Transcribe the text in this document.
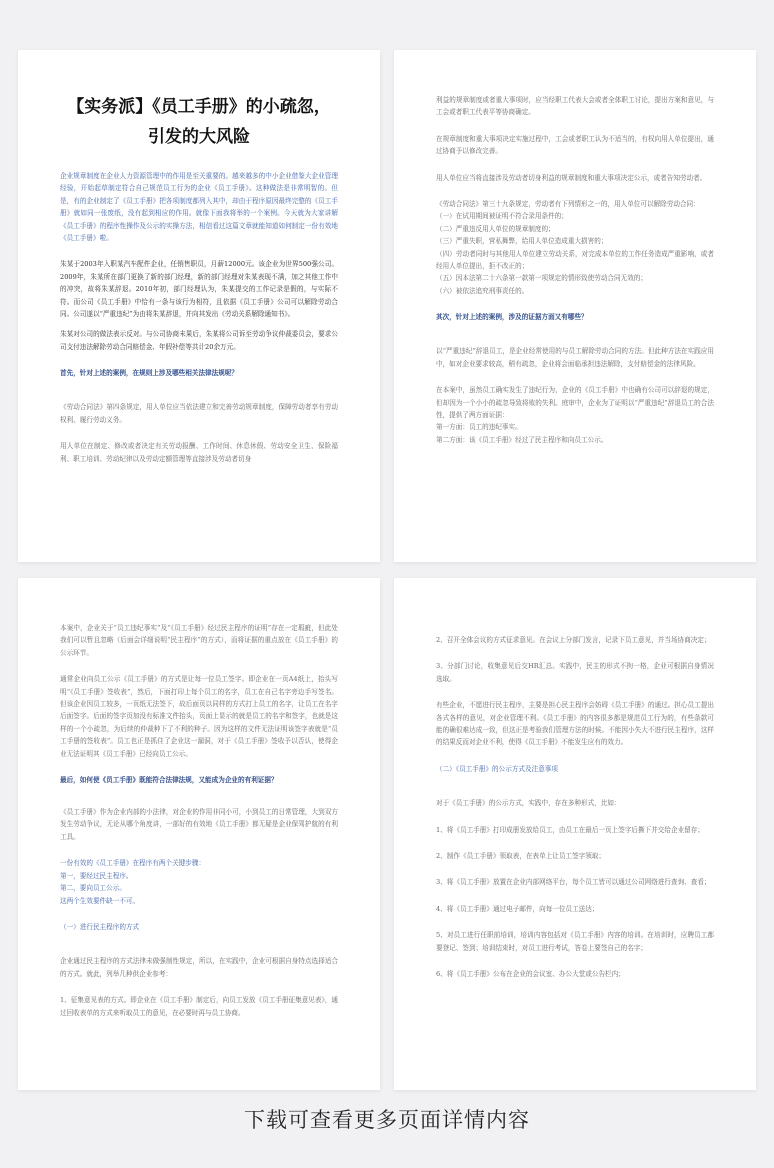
【实务派】《员工手册》的小疏忽，
引发的大风险

企业规章制度在企业人力资源管理中的作用是至关重要的。越来越多的中小企业借鉴大企业管理经验，开始起草制定符合自己规范员工行为的企业《员工手册》。这种做法是非常明智的。但是，有的企业制定了《员工手册》把各项制度都列入其中，却由于程序原因最终完整的《员工手册》就如同一张废纸，没有起到相应的作用。就像下面我将举的一个案例。今天就为大家讲解《员工手册》的程序性操作及公示的实操方法，相信看过这篇文章就能知道如何制定一份有效地《员工手册》啦。

朱某于2003年入职某汽车配件企业，任销售职员，月薪12000元。该企业为世界500强公司。2009年，朱某所在部门更换了新的部门经理，新的部门经理对朱某表现不满，加之其他工作中的冲突，故将朱某辞退。2010年初，部门经理认为，朱某提交的工作记录是假的，与实际不符。而公司《员工手册》中恰有一条与该行为相符，且依据《员工手册》公司可以解除劳动合同。公司遂以“严重违纪”为由将朱某辞退，并向其发出《劳动关系解除通知书》。

朱某对公司的做法表示反对。与公司协商未果后，朱某将公司诉至劳动争议仲裁委员会，要求公司支付违法解除劳动合同赔偿金、年假补偿等共计20余万元。

首先，针对上述的案例，在规则上涉及哪些相关法律法规呢？

《劳动合同法》第四条规定，用人单位应当依法建立和完善劳动规章制度，保障劳动者享有劳动权利、履行劳动义务。

用人单位在制定、修改或者决定有关劳动报酬、工作时间、休息休假、劳动安全卫生、保险福利、职工培训、劳动纪律以及劳动定额管理等直接涉及劳动者切身

利益的规章制度或者重大事项时，应当经职工代表大会或者全体职工讨论，提出方案和意见，与工会或者职工代表平等协商确定。

在规章制度和重大事项决定实施过程中，工会或者职工认为不适当的，有权向用人单位提出，通过协商予以修改完善。

用人单位应当将直接涉及劳动者切身利益的规章制度和重大事项决定公示，或者告知劳动者。

《劳动合同法》第三十九条规定，劳动者有下列情形之一的，用人单位可以解除劳动合同：
（一）在试用期间被证明不符合录用条件的；
（二）严重违反用人单位的规章制度的；
（三）严重失职，营私舞弊，给用人单位造成重大损害的；
（四）劳动者同时与其他用人单位建立劳动关系，对完成本单位的工作任务造成严重影响，或者经用人单位提出，拒不改正的；
（五）因本法第二十六条第一款第一项规定的情形致使劳动合同无效的；
（六）被依法追究刑事责任的。

其次，针对上述的案例，涉及的证据方面又有哪些？

以“严重违纪”辞退员工，是企业经常使用的与员工解除劳动合同的方法。但此种方法在实践应用中，如对企业要求较高，稍有疏忽，企业将会面临承担违法解除，支付赔偿金的法律风险。

在本案中，虽然员工确实发生了违纪行为，企业的《员工手册》中也确有公司可以辞退的规定，但却因为一个小小的疏忽导致将败的失利。庭审中，企业为了证明以“严重违纪”辞退员工的合法性，提供了两方面证据：
第一方面：员工的违纪事实。
第二方面：该《员工手册》经过了民主程序和向员工公示。

本案中，企业关于“员工违纪事实”及“《员工手册》经过民主程序的证明”存在一定瑕疵，但此处我们可以暂且忽略（后面会详细说明“民主程序”的方式），而将证据的重点放在《员工手册》的公示环节。

通常企业向员工公示《员工手册》的方式是让每一位员工签字。即企业在一页A4纸上，抬头写明“《员工手册》签收表”，然后，下面打印上每个员工的名字，员工在自己名字旁边手写签名。但该企业因员工较多，一页纸无法签下，故后面页以同样的方式打上员工的名字，让员工在名字后面签字。后面的签字页加没有标准文件抬头，页面上显示的就是员工的名字和签字，也就是这样的一个小疏忽，为后续的仲裁种下了不利的种子。因为这样的文件无法证明该签字表就是“员工手册的签收表”。员工也正是抓住了企业这一漏洞，对于《员工手册》签收予以否认，使得企业无法证明其《员工手册》已经向员工公示。

最后，如何使《员工手册》既能符合法律法规，又能成为企业的有利证据？

《员工手册》作为企业内部的小法律，对企业的作用非同小可，小到员工的日常管理，大到双方发生劳动争议，无论从哪个角度讲，一部好的有效地《员工手册》都无疑是企业保驾护航的有利工具。

一份有效的《员工手册》在程序有两个关键步骤：
第一，要经过民主程序。
第二，要向员工公示。
这两个生效要件缺一不可。

（一）进行民主程序的方式

企业通过民主程序的方式法律未做强制性规定，所以，在实践中，企业可根据自身特点选择适合的方式。就此，列举几种供企业参考：

1、征集意见表的方式。即企业在《员工手册》制定后，向员工发放《员工手册征集意见表》，通过回收表单的方式来听取员工的意见，在必要时再与员工协商。

2、召开全体会议的方式征求意见。在会议上分部门发言，记录下员工意见，并当场协商决定；

3、分部门讨论，收集意见后交HR汇总。实践中，民主的形式不拘一格，企业可根据自身情况选取。

有些企业，不愿进行民主程序，主要是担心民主程序会妨碍《员工手册》的通过。担心员工提出各式各样的意见，对企业管理不利。《员工手册》的内容很多都是规范员工行为的，有些条款可能的确很难达成一致，但这正是考验我们管理方法的时候。不能因小失大不进行民主程序，这样的结果反而对企业不利，使得《员工手册》不能发生应有的效力。

（二）《员工手册》的公示方式及注意事项

对于《员工手册》的公示方式，实践中，存在多种形式，比如：

1、将《员工手册》打印成册发放给员工，由员工在最后一页上签字后撕下并交给企业留存；

2、制作《员工手册》领取表，在表单上让员工签字领取；

3、将《员工手册》放置在企业内部网络平台，每个员工皆可以通过公司网络进行查询、查看；

4、将《员工手册》通过电子邮件，向每一位员工送达；

5、对员工进行任职前培训，培训内容包括对《员工手册》内容的培训。在培训时，应聘员工都要登记、签到；培训结束时，对员工进行考试，答卷上要签自己的名字；

6、将《员工手册》公布在企业的会议室、办公大堂或公告栏内；

下载可查看更多页面详情内容
